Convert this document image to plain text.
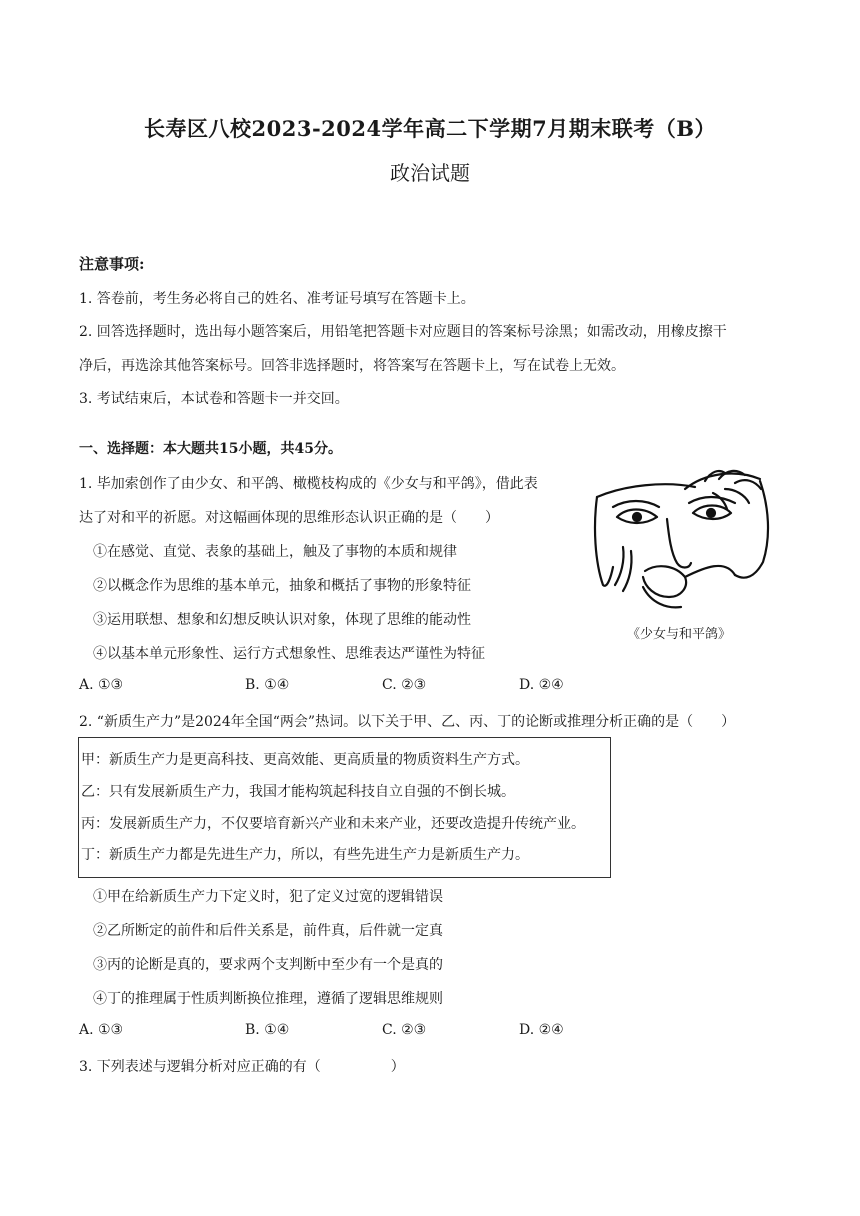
长寿区八校2023-2024学年高二下学期7月期末联考（B）
政治试题
注意事项:
1. 答卷前，考生务必将自己的姓名、准考证号填写在答题卡上。
2. 回答选择题时，选出每小题答案后，用铅笔把答题卡对应题目的答案标号涂黑；如需改动，用橡皮擦干
净后，再选涂其他答案标号。回答非选择题时，将答案写在答题卡上，写在试卷上无效。
3. 考试结束后，本试卷和答题卡一并交回。
一、选择题：本大题共15小题，共45分。
1. 毕加索创作了由少女、和平鸽、橄榄枝构成的《少女与和平鸽》，借此表
达了对和平的祈愿。对这幅画体现的思维形态认识正确的是（　　）
①在感觉、直觉、表象的基础上，触及了事物的本质和规律
②以概念作为思维的基本单元，抽象和概括了事物的形象特征
③运用联想、想象和幻想反映认识对象，体现了思维的能动性
④以基本单元形象性、运行方式想象性、思维表达严谨性为特征
A. ①③	B. ①④	C. ②③	D. ②④
《少女与和平鸽》
2. “新质生产力”是2024年全国“两会”热词。以下关于甲、乙、丙、丁的论断或推理分析正确的是（　　）
甲：新质生产力是更高科技、更高效能、更高质量的物质资料生产方式。
乙：只有发展新质生产力，我国才能构筑起科技自立自强的不倒长城。
丙：发展新质生产力，不仅要培育新兴产业和未来产业，还要改造提升传统产业。
丁：新质生产力都是先进生产力，所以，有些先进生产力是新质生产力。
①甲在给新质生产力下定义时，犯了定义过宽的逻辑错误
②乙所断定的前件和后件关系是，前件真，后件就一定真
③丙的论断是真的，要求两个支判断中至少有一个是真的
④丁的推理属于性质判断换位推理，遵循了逻辑思维规则
A. ①③	B. ①④	C. ②③	D. ②④
3. 下列表述与逻辑分析对应正确的有（　　　　　）
